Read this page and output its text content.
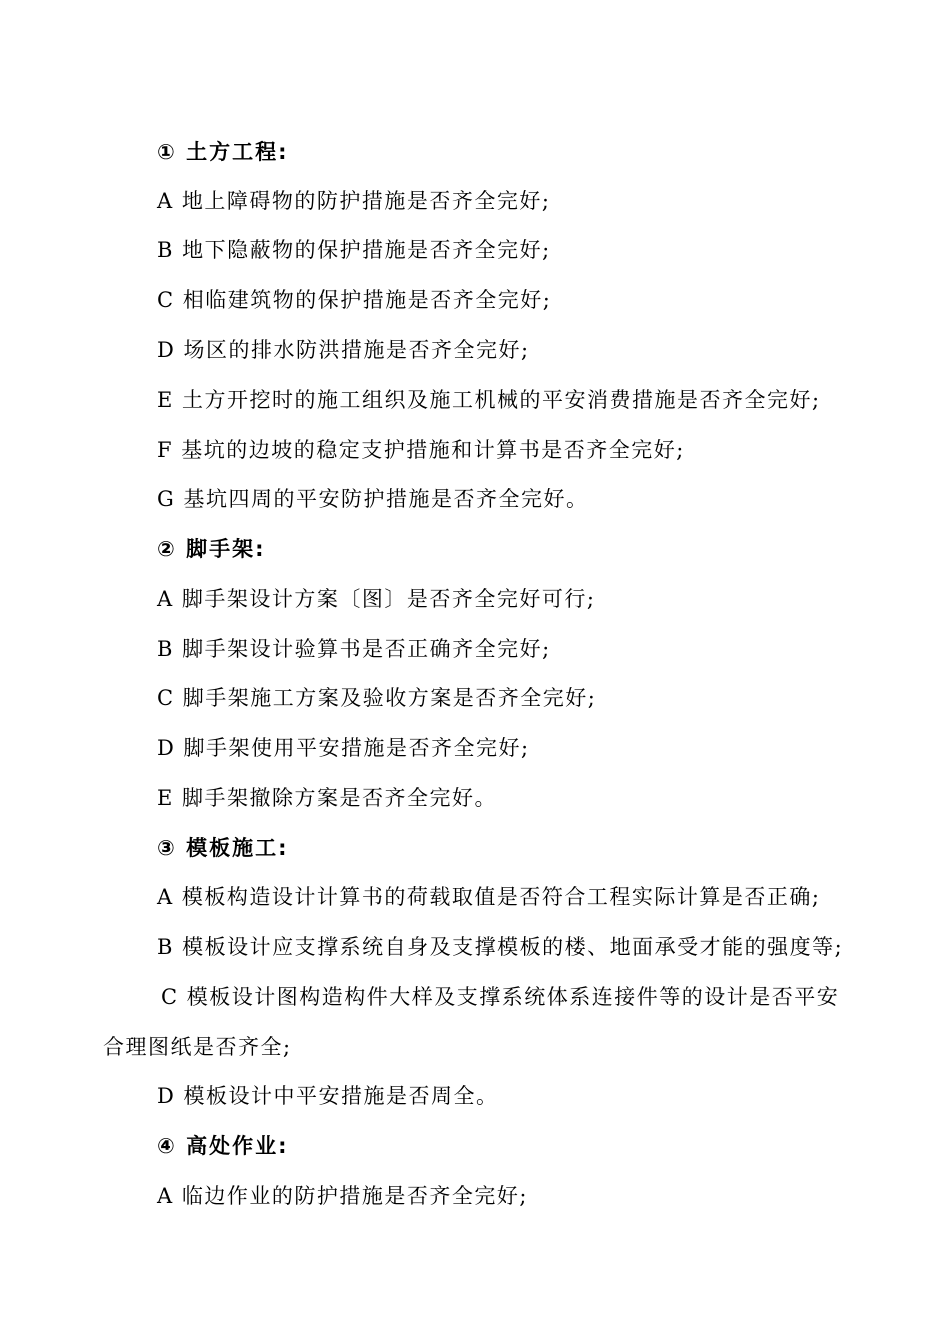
① 土方工程:
A 地上障碍物的防护措施是否齐全完好;
B 地下隐蔽物的保护措施是否齐全完好;
C 相临建筑物的保护措施是否齐全完好;
D 场区的排水防洪措施是否齐全完好;
E 土方开挖时的施工组织及施工机械的平安消费措施是否齐全完好;
F 基坑的边坡的稳定支护措施和计算书是否齐全完好;
G 基坑四周的平安防护措施是否齐全完好。
② 脚手架:
A 脚手架设计方案〔图〕是否齐全完好可行;
B 脚手架设计验算书是否正确齐全完好;
C 脚手架施工方案及验收方案是否齐全完好;
D 脚手架使用平安措施是否齐全完好;
E 脚手架撤除方案是否齐全完好。
③ 模板施工:
A 模板构造设计计算书的荷载取值是否符合工程实际计算是否正确;
B 模板设计应支撑系统自身及支撑模板的楼、地面承受才能的强度等;
C 模板设计图构造构件大样及支撑系统体系连接件等的设计是否平安
合理图纸是否齐全;
D 模板设计中平安措施是否周全。
④ 高处作业:
A 临边作业的防护措施是否齐全完好;
